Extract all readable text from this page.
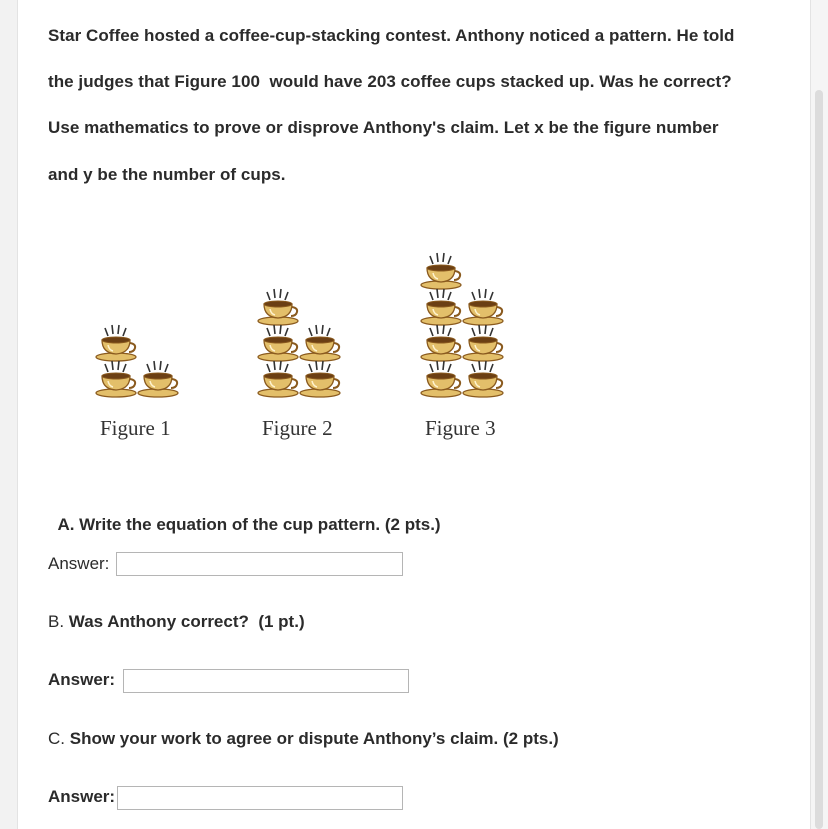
Star Coffee hosted a coffee-cup-stacking contest. Anthony noticed a pattern. He told
the judges that Figure 100  would have 203 coffee cups stacked up. Was he correct?
Use mathematics to prove or disprove Anthony's claim. Let x be the figure number
and y be the number of cups.
Figure 1	Figure 2	Figure 3

A. Write the equation of the cup pattern. (2 pts.)

Answer:
B. Was Anthony correct?  (1 pt.)
Answer:
C. Show your work to agree or dispute Anthony’s claim. (2 pts.)
Answer:
